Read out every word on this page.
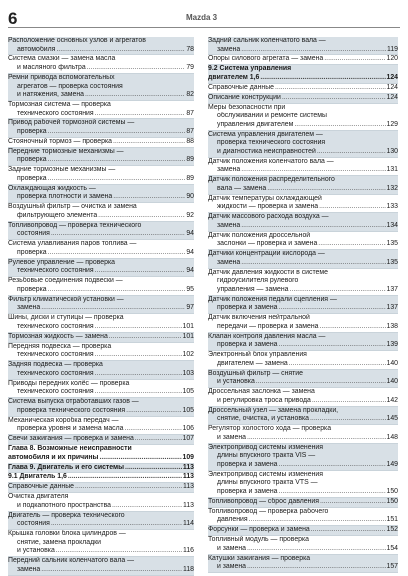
6	Mazda 3
Расположение основных узлов и агрегатов
автомобиля .....	78
Система смазки — замена масла
и масляного фильтра .....	79
Ремни привода вспомогательных
агрегатов — проверка состояния
и натяжения, замена .....	82
Тормозная система — проверка
технического состояния .....	87
Привод рабочей тормозной системы —
проверка .....	87
Стояночный тормоз — проверка .....	88
Передние тормозные механизмы —
проверка .....	89
Задние тормозные механизмы —
проверка .....	89
Охлаждающая жидкость —
проверка плотности и замена .....	90
Воздушный фильтр — очистка и замена
фильтрующего элемента .....	92
Топливопровод — проверка технического
состояния .....	94
Система улавливания паров топлива —
проверка .....	94
Рулевое управление — проверка
технического состояния .....	94
Резьбовые соединения подвески —
проверка .....	95
Фильтр климатической установки —
замена .....	97
Шины, диски и ступицы — проверка
технического состояния .....	101
Тормозная жидкость — замена .....	101
Передняя подвеска — проверка
технического состояния .....	102
Задняя подвеска — проверка
технического состояния .....	103
Приводы передних колёс — проверка
технического состояния .....	105
Система выпуска отработавших газов —
проверка технического состояния .....	105
Механическая коробка передач —
проверка уровня и замена масла .....	106
Свечи зажигания — проверка и замена .....	107
Глава 8. Возможные неисправности
автомобиля и их причины .....	109
Глава 9. Двигатель и его системы .....	113
9.1 Двигатель 1,6 .....	113
Справочные данные .....	113
Очистка двигателя
и подкапотного пространства .....	113
Двигатель — проверка технического
состояния .....	114
Крышка головки блока цилиндров —
снятие, замена прокладки
и установка .....	116
Передний сальник коленчатого вала —
замена .....	118
Задний сальник коленчатого вала —
замена .....	119
Опоры силового агрегата — замена .....	120
9.2 Система управления
двигателем 1,6 .....	124
Справочные данные .....	124
Описание конструкции .....	124
Меры безопасности при
обслуживании и ремонте системы
управления двигателем .....	129
Система управления двигателем —
проверка технического состояния
и диагностика неисправностей .....	130
Датчик положения коленчатого вала —
замена .....	131
Датчик положения распределительного
вала — замена .....	132
Датчик температуры охлаждающей
жидкости — проверка и замена .....	133
Датчик массового расхода воздуха —
замена .....	134
Датчик положения дроссельной
заслонки — проверка и замена .....	135
Датчики концентрации кислорода —
замена .....	135
Датчик давления жидкости в системе
гидроусилителя рулевого
управления — замена .....	137
Датчик положения педали сцепления —
проверка и замена .....	137
Датчик включения нейтральной
передачи — проверка и замена .....	138
Клапан контроля давления масла —
проверка и замена .....	139
Электронный блок управления
двигателем — замена .....	140
Воздушный фильтр — снятие
и установка .....	140
Дроссельная заслонка — замена
и регулировка троса привода .....	142
Дроссельный узел — замена прокладки,
снятие, очистка, и установка .....	145
Регулятор холостого хода — проверка
и замена .....	148
Электропривод системы изменения
длины впускного тракта VIS —
проверка и замена .....	149
Электропривод системы изменения
длины впускного тракта VTS —
проверка и замена .....	150
Топливопровод — сброс давления .....	150
Топливопровод — проверка рабочего
давления .....	151
Форсунки — проверка и замена .....	152
Топливный модуль — проверка
и замена .....	154
Катушки зажигания — проверка
и замена .....	157
